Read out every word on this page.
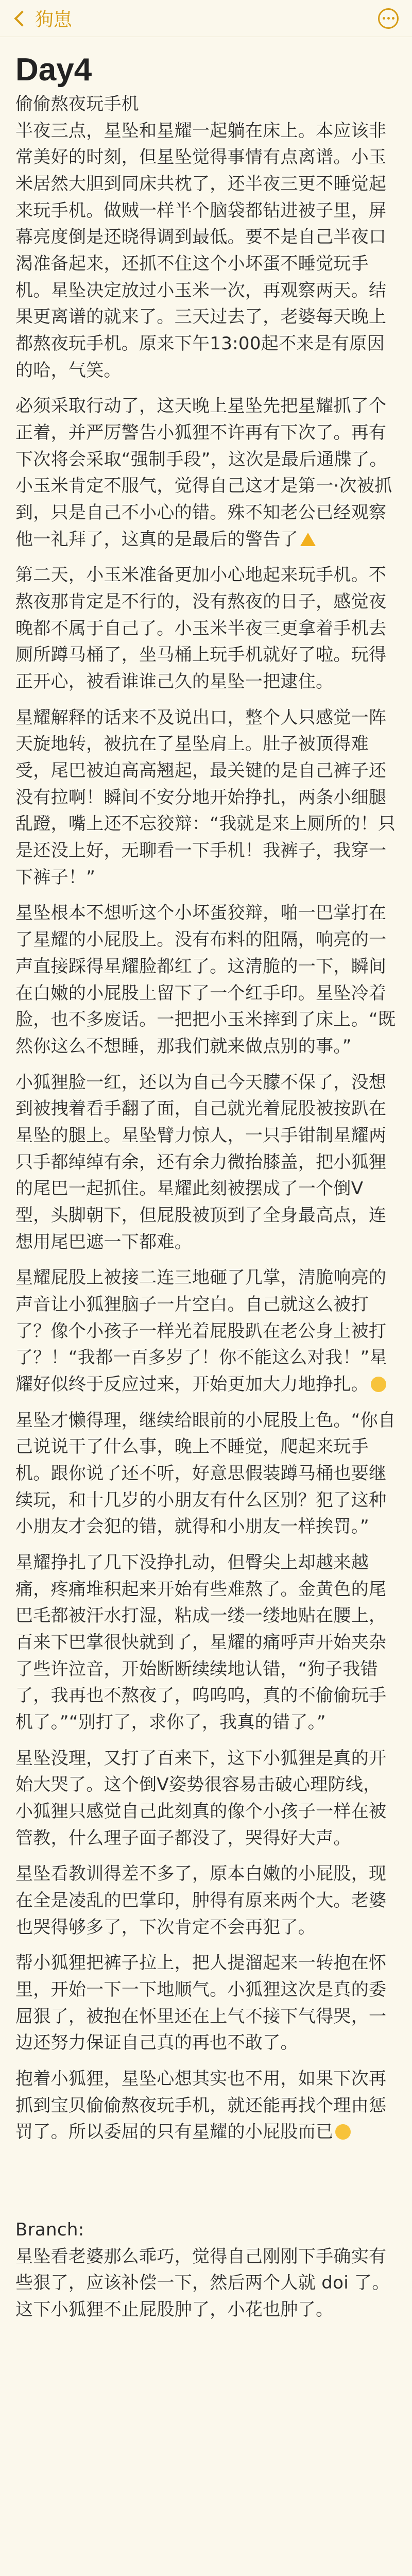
狗崽
Day4

偷偷熬夜玩手机
半夜三点，星坠和星耀一起躺在床上。本应该非常美好的时刻，但星坠觉得事情有点离谱。小玉米居然大胆到同床共枕了，还半夜三更不睡觉起来玩手机。做贼一样半个脑袋都钻进被子里，屏幕亮度倒是还晓得调到最低。要不是自己半夜口渴准备起来，还抓不住这个小坏蛋不睡觉玩手机。星坠决定放过小玉米一次，再观察两天。结果更离谱的就来了。三天过去了，老婆每天晚上都熬夜玩手机。原来下午13:00起不来是有原因的哈，气笑。

必须采取行动了，这天晚上星坠先把星耀抓了个正着，并严厉警告小狐狸不许再有下次了。再有下次将会采取“强制手段”，这次是最后通牒了。小玉米肯定不服气，觉得自己这才是第一·次被抓到，只是自己不小心的错。殊不知老公已经观察他一礼拜了，这真的是最后的警告了

第二天，小玉米准备更加小心地起来玩手机。不熬夜那肯定是不行的，没有熬夜的日子，感觉夜晚都不属于自己了。小玉米半夜三更拿着手机去厕所蹲马桶了，坐马桶上玩手机就好了啦。玩得正开心，被看谁谁己久的星坠一把逮住。

星耀解释的话来不及说出口，整个人只感觉一阵天旋地转，被抗在了星坠肩上。肚子被顶得难受，尾巴被迫高高翘起，最关键的是自己裤子还没有拉啊！瞬间不安分地开始挣扎，两条小细腿乱蹬，嘴上还不忘狡辩：“我就是来上厕所的！只是还没上好，无聊看一下手机！我裤子，我穿一下裤子！”

星坠根本不想听这个小坏蛋狡辩，啪一巴掌打在了星耀的小屁股上。没有布料的阻隔，响亮的一声直接踩得星耀脸都红了。这清脆的一下，瞬间在白嫩的小屁股上留下了一个红手印。星坠冷着脸，也不多废话。一把把小玉米摔到了床上。“既然你这么不想睡，那我们就来做点别的事。”

小狐狸脸一红，还以为自己今天朦不保了，没想到被拽着看手翻了面，自己就光着屁股被按趴在星坠的腿上。星坠臂力惊人，一只手钳制星耀两只手都绰绰有余，还有余力微抬膝盖，把小狐狸的尾巴一起抓住。星耀此刻被摆成了一个倒V型，头脚朝下，但屁股被顶到了全身最高点，连想用尾巴遮一下都难。

星耀屁股上被接二连三地砸了几掌，清脆响亮的声音让小狐狸脑子一片空白。自己就这么被打了？像个小孩子一样光着屁股趴在老公身上被打了？！“我都一百多岁了！你不能这么对我！”星耀好似终于反应过来，开始更加大力地挣扎。

星坠才懒得理，继续给眼前的小屁股上色。“你自己说说干了什么事，晚上不睡觉，爬起来玩手机。跟你说了还不听，好意思假装蹲马桶也要继续玩，和十几岁的小朋友有什么区别？犯了这种小朋友才会犯的错，就得和小朋友一样挨罚。”

星耀挣扎了几下没挣扎动，但臀尖上却越来越痛，疼痛堆积起来开始有些难熬了。金黄色的尾巴毛都被汗水打湿，粘成一缕一缕地贴在腰上，百来下巴掌很快就到了，星耀的痛呼声开始夹杂了些许泣音，开始断断续续地认错，“狗子我错了，我再也不熬夜了，呜呜呜，真的不偷偷玩手机了。”“别打了，求你了，我真的错了。”

星坠没理，又打了百来下，这下小狐狸是真的开始大哭了。这个倒V姿势很容易击破心理防线，小狐狸只感觉自己此刻真的像个小孩子一样在被管教，什么理子面子都没了，哭得好大声。

星坠看教训得差不多了，原本白嫩的小屁股，现在全是凌乱的巴掌印，肿得有原来两个大。老婆也哭得够多了，下次肯定不会再犯了。

帮小狐狸把裤子拉上，把人提溜起来一转抱在怀里，开始一下一下地顺气。小狐狸这次是真的委屈狠了，被抱在怀里还在上气不接下气得哭，一边还努力保证自己真的再也不敢了。

抱着小狐狸，星坠心想其实也不用，如果下次再抓到宝贝偷偷熬夜玩手机，就还能再找个理由惩罚了。所以委屈的只有星耀的小屁股而已

Branch:
星坠看老婆那么乖巧，觉得自己刚刚下手确实有些狠了，应该补偿一下，然后两个人就 doi 了。这下小狐狸不止屁股肿了，小花也肿了。
